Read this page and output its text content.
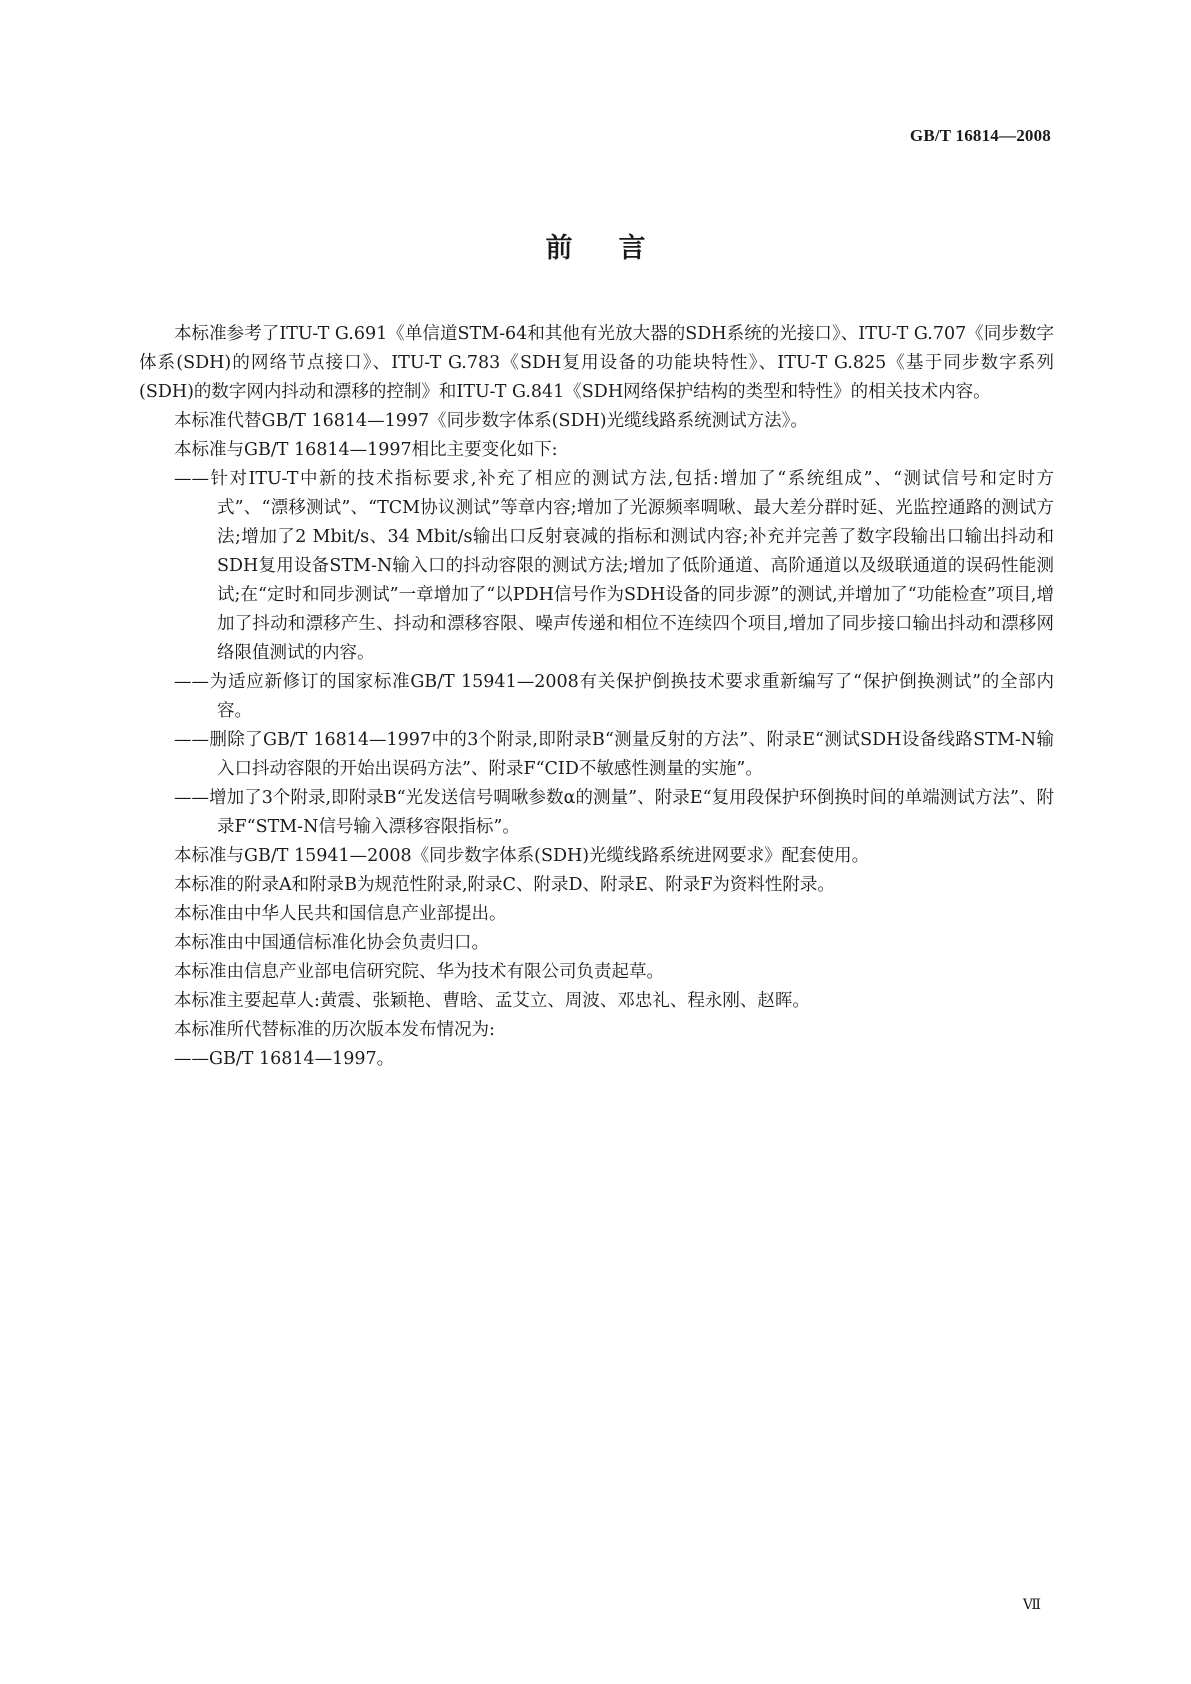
GB/T 16814—2008
前言

本标准参考了ITU-T G.691《单信道STM-64和其他有光放大器的SDH系统的光接口》、ITU-T G.707《同步数字体系(SDH)的网络节点接口》、ITU-T G.783《SDH复用设备的功能块特性》、ITU-T G.825《基于同步数字系列(SDH)的数字网内抖动和漂移的控制》和ITU-T G.841《SDH网络保护结构的类型和特性》的相关技术内容。

本标准代替GB/T 16814—1997《同步数字体系(SDH)光缆线路系统测试方法》。

本标准与GB/T 16814—1997相比主要变化如下:

——针对ITU-T中新的技术指标要求,补充了相应的测试方法,包括:增加了“系统组成”、“测试信号和定时方式”、“漂移测试”、“TCM协议测试”等章内容;增加了光源频率啁啾、最大差分群时延、光监控通路的测试方法;增加了2 Mbit/s、34 Mbit/s输出口反射衰减的指标和测试内容;补充并完善了数字段输出口输出抖动和SDH复用设备STM-N输入口的抖动容限的测试方法;增加了低阶通道、高阶通道以及级联通道的误码性能测试;在“定时和同步测试”一章增加了“以PDH信号作为SDH设备的同步源”的测试,并增加了“功能检查”项目,增加了抖动和漂移产生、抖动和漂移容限、噪声传递和相位不连续四个项目,增加了同步接口输出抖动和漂移网络限值测试的内容。

——为适应新修订的国家标准GB/T 15941—2008有关保护倒换技术要求重新编写了“保护倒换测试”的全部内容。

——删除了GB/T 16814—1997中的3个附录,即附录B“测量反射的方法”、附录E“测试SDH设备线路STM-N输入口抖动容限的开始出误码方法”、附录F“CID不敏感性测量的实施”。

——增加了3个附录,即附录B“光发送信号啁啾参数α的测量”、附录E“复用段保护环倒换时间的单端测试方法”、附录F“STM-N信号输入漂移容限指标”。

本标准与GB/T 15941—2008《同步数字体系(SDH)光缆线路系统进网要求》配套使用。

本标准的附录A和附录B为规范性附录,附录C、附录D、附录E、附录F为资料性附录。

本标准由中华人民共和国信息产业部提出。

本标准由中国通信标准化协会负责归口。

本标准由信息产业部电信研究院、华为技术有限公司负责起草。

本标准主要起草人:黄震、张颖艳、曹晗、孟艾立、周波、邓忠礼、程永刚、赵晖。

本标准所代替标准的历次版本发布情况为:

——GB/T 16814—1997。

Ⅶ
